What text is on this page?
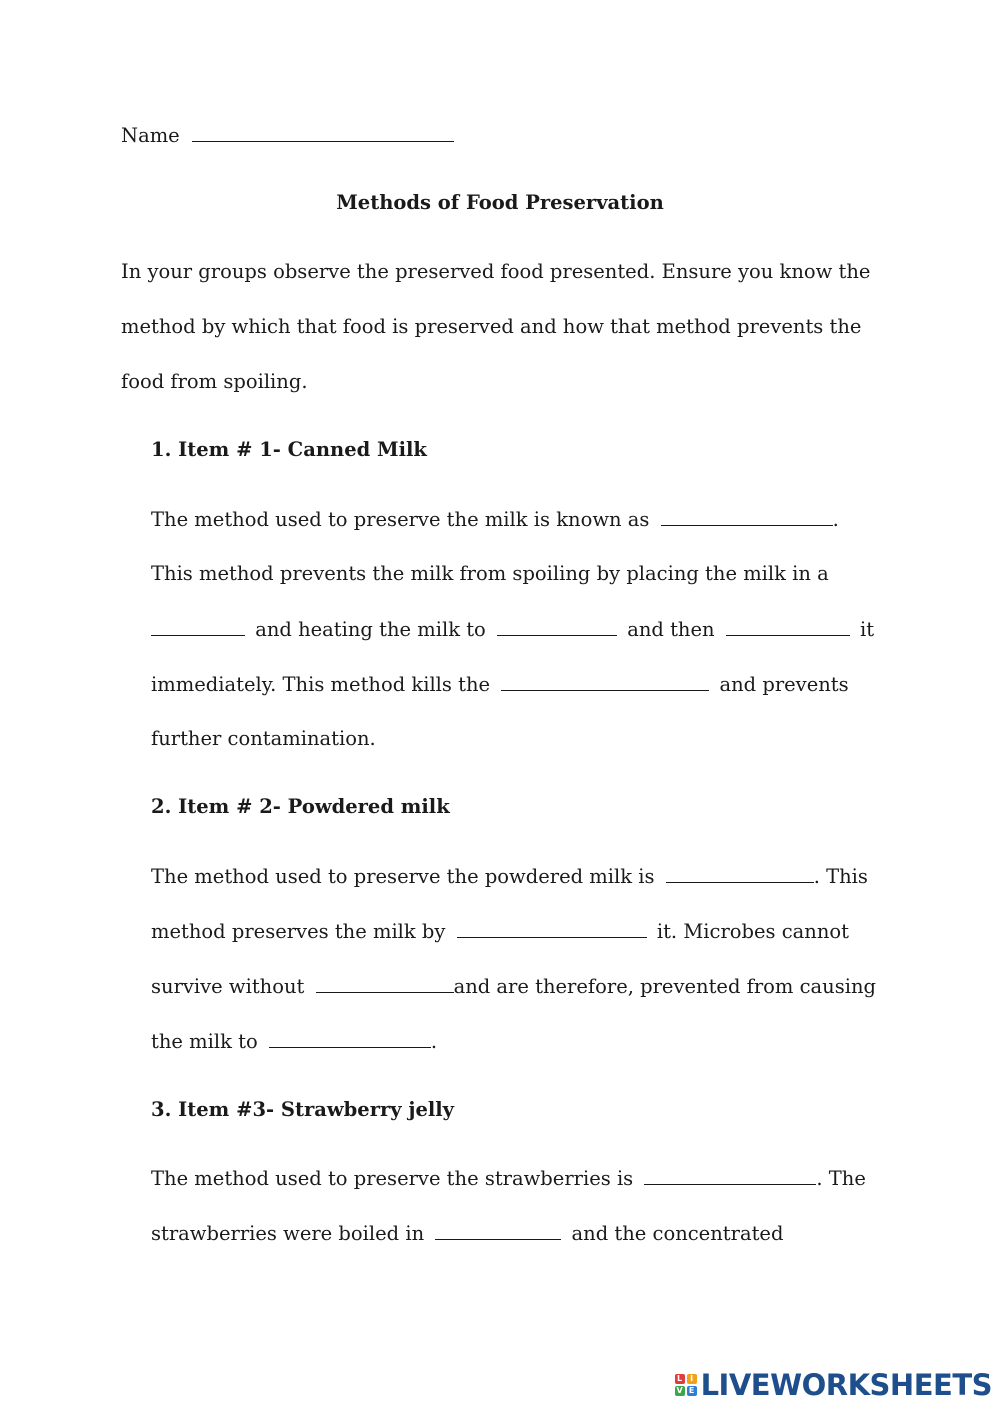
Name
Methods of Food Preservation
In your groups observe the preserved food presented. Ensure you know the
method by which that food is preserved and how that method prevents the
food from spoiling.
1. Item # 1- Canned Milk
The method used to preserve the milk is known as	.
This method prevents the milk from spoiling by placing the milk in a
and heating the milk to	and then	it
immediately. This method kills the	and prevents
further contamination.
2. Item # 2- Powdered milk
The method used to preserve the powdered milk is	. This
method preserves the milk by	it. Microbes cannot
survive without	and are therefore, prevented from causing
the milk to	.
3. Item #3- Strawberry jelly
The method used to preserve the strawberries is	. The
strawberries were boiled in	and the concentrated
L I
V E LIVEWORKSHEETS
